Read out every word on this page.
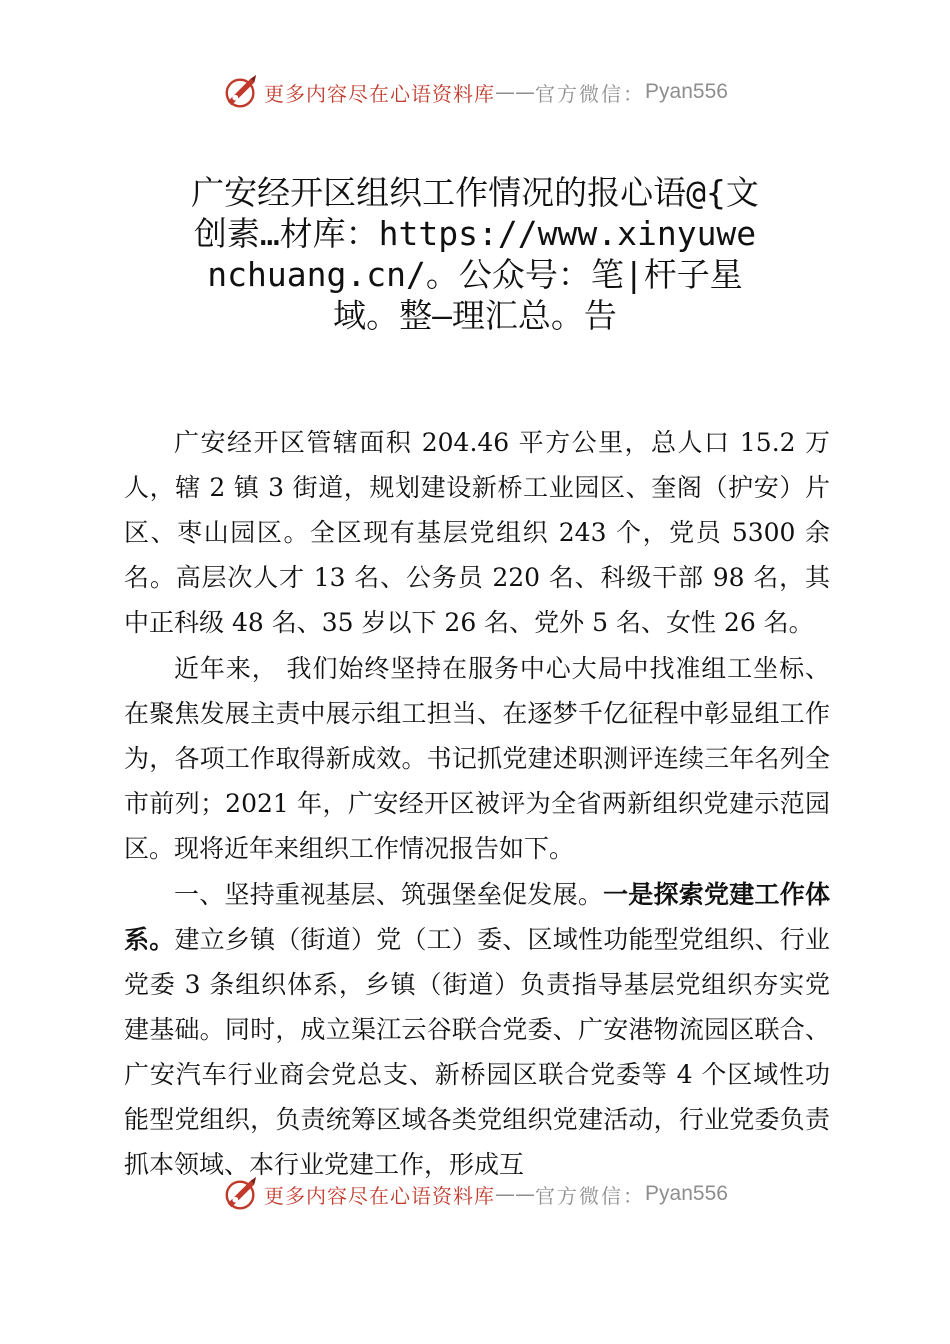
更多内容尽在心语资料库 —— 官方微信： Pyan556
广安经开区组织工作情况的报心语@{文创素…材库：https://www.xinyuwenchuang.cn/。公众号：笔|杆子星域。整—理汇总。告

广安经开区管辖面积 204.46 平方公里，总人口 15.2 万人，辖 2 镇 3 街道，规划建设新桥工业园区、奎阁（护安）片区、枣山园区。全区现有基层党组织 243 个，党员 5300 余名。高层次人才 13 名、公务员 220 名、科级干部 98 名，其中正科级 48 名、35 岁以下 26 名、党外 5 名、女性 26 名。

近年来， 我们始终坚持在服务中心大局中找准组工坐标、在聚焦发展主责中展示组工担当、在逐梦千亿征程中彰显组工作为，各项工作取得新成效。书记抓党建述职测评连续三年名列全市前列；2021 年，广安经开区被评为全省两新组织党建示范园区。现将近年来组织工作情况报告如下。

一、坚持重视基层、筑强堡垒促发展。一是探索党建工作体系。建立乡镇（街道）党（工）委、区域性功能型党组织、行业党委 3 条组织体系，乡镇（街道）负责指导基层党组织夯实党建基础。同时，成立渠江云谷联合党委、广安港物流园区联合、广安汽车行业商会党总支、新桥园区联合党委等 4 个区域性功能型党组织，负责统筹区域各类党组织党建活动，行业党委负责抓本领域、本行业党建工作，形成互

更多内容尽在心语资料库 —— 官方微信： Pyan556
